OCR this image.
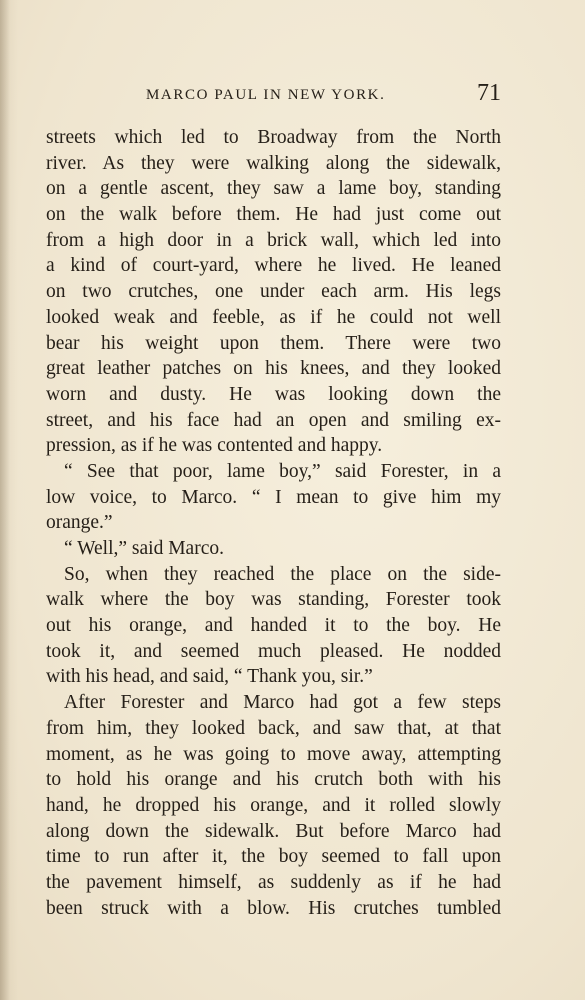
MARCO PAUL IN NEW YORK.	71
streets which led to Broadway from the North
river. As they were walking along the sidewalk,
on a gentle ascent, they saw a lame boy, standing
on the walk before them. He had just come out
from a high door in a brick wall, which led into
a kind of court-yard, where he lived. He leaned
on two crutches, one under each arm. His legs
looked weak and feeble, as if he could not well
bear his weight upon them. There were two
great leather patches on his knees, and they looked
worn and dusty. He was looking down the
street, and his face had an open and smiling ex-
pression, as if he was contented and happy.
“ See that poor, lame boy,” said Forester, in a
low voice, to Marco. “ I mean to give him my
orange.”
“ Well,” said Marco.
So, when they reached the place on the side-
walk where the boy was standing, Forester took
out his orange, and handed it to the boy. He
took it, and seemed much pleased. He nodded
with his head, and said, “ Thank you, sir.”
After Forester and Marco had got a few steps
from him, they looked back, and saw that, at that
moment, as he was going to move away, attempting
to hold his orange and his crutch both with his
hand, he dropped his orange, and it rolled slowly
along down the sidewalk. But before Marco had
time to run after it, the boy seemed to fall upon
the pavement himself, as suddenly as if he had
been struck with a blow. His crutches tumbled
